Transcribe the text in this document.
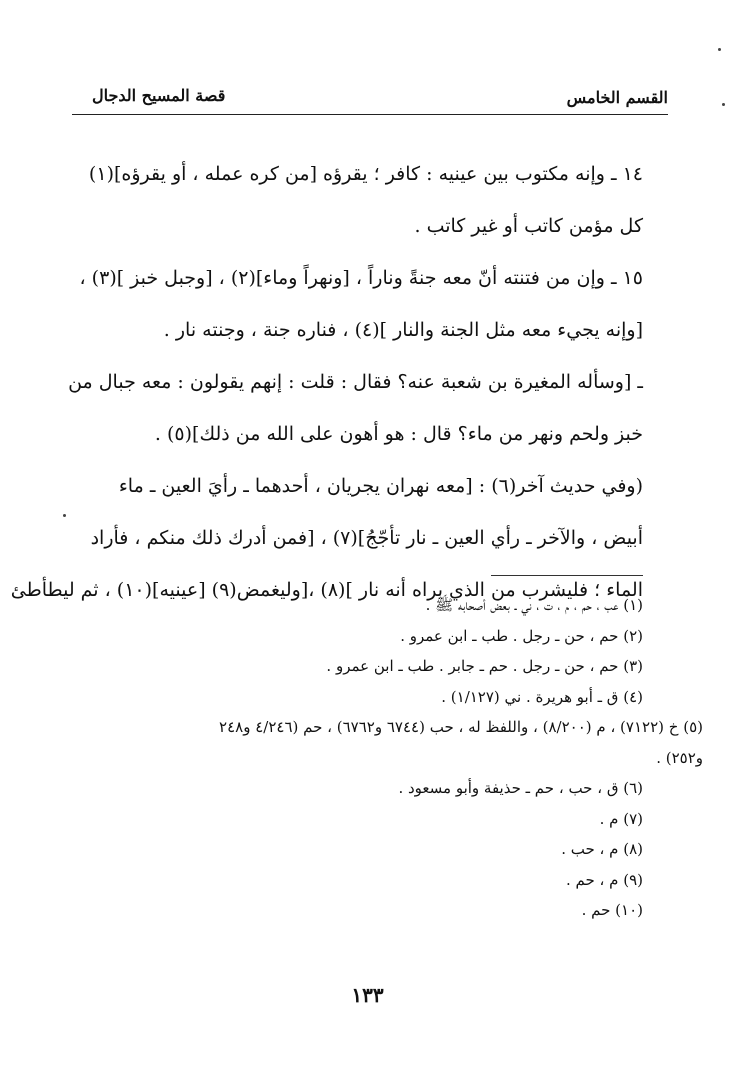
القسم الخامس
قصة المسيح الدجال

١٤ ـ وإنه مكتوب بين عينيه : كافر ؛ يقرؤه [من كره عمله ، أو يقرؤه](١)
كل مؤمن كاتب أو غير كاتب .

١٥ ـ وإن من فتنته أنّ معه جنةً وناراً ، [ونهراً وماء](٢) ، [وجبل خبز ](٣) ،
[وإنه يجيء معه مثل الجنة والنار ](٤) ، فناره جنة ، وجنته نار .

ـ [وسأله المغيرة بن شعبة عنه؟ فقال : قلت : إنهم يقولون : معه جبال من
خبز ولحم ونهر من ماء؟ قال : هو أهون على الله من ذلك](٥) .

(وفي حديث آخر(٦) : [معه نهران يجريان ، أحدهما ـ رأيَ العين ـ ماء
أبيض ، والآخر ـ رأي العين ـ نار تأجّجُ](٧) ، [فمن أدرك ذلك منكم ، فأراد
الماء ؛ فليشرب من الذي يراه أنه نار ](٨) ،[وليغمض(٩) [عينيه](١٠) ، ثم ليطأطئ

(١) عب ، حم ، م ، ت ، ني ـ بعض أصحابه ﷺ .

(٢) حم ، حن ـ رجل . طب ـ ابن عمرو .

(٣) حم ، حن ـ رجل . حم ـ جابر . طب ـ ابن عمرو .

(٤) ق ـ أبو هريرة . ني (١/١٢٧) .

(٥) خ (٧١٢٢) ، م (٨/٢٠٠) ، واللفظ له ، حب (٦٧٤٤ و٦٧٦٢) ، حم (٤/٢٤٦ و٢٤٨

و٢٥٢) .

(٦) ق ، حب ، حم ـ حذيفة وأبو مسعود .

(٧) م .

(٨) م ، حب .

(٩) م ، حم .

(١٠) حم .

١٣٣
